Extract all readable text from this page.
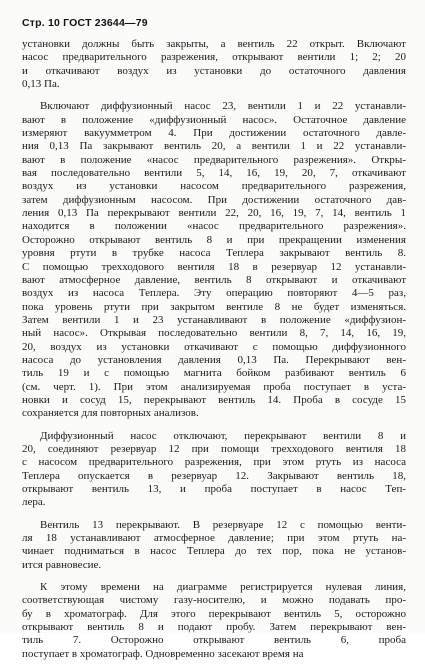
Стр. 10 ГОСТ 23644—79
установки должны быть закрыты, а вентиль 22 открыт. Включают
насос предварительного разрежения, открывают вентили 1; 2; 20
и откачивают воздух из установки до остаточного давления
0,13 Па.
Включают диффузионный насос 23, вентили 1 и 22 устанавли-
вают в положение «диффузионный насос». Остаточное давление
измеряют вакуумметром 4. При достижении остаточного давле-
ния 0,13 Па закрывают вентиль 20, а вентили 1 и 22 устанавли-
вают в положение «насос предварительного разрежения». Откры-
вая последовательно вентили 5, 14, 16, 19, 20, 7, откачивают
воздух из установки насосом предварительного разрежения,
затем диффузионным насосом. При достижении остаточного дав-
ления 0,13 Па перекрывают вентили 22, 20, 16, 19, 7, 14, вентиль 1
находится в положении «насос предварительного разрежения».
Осторожно открывают вентиль 8 и при прекращении изменения
уровня ртути в трубке насоса Теплера закрывают вентиль 8.
С помощью трехходового вентиля 18 в резервуар 12 устанавли-
вают атмосферное давление, вентиль 8 открывают и откачивают
воздух из насоса Теплера. Эту операцию повторяют 4—5 раз,
пока уровень ртути при закрытом вентиле 8 не будет изменяться.
Затем вентили 1 и 23 устанавливают в положение «диффузион-
ный насос». Открывая последовательно вентили 8, 7, 14, 16, 19,
20, воздух из установки откачивают с помощью диффузионного
насоса до установления давления 0,13 Па. Перекрывают вен-
тиль 19 и с помощью магнита бойком разбивают вентиль 6
(см. черт. 1). При этом анализируемая проба поступает в уста-
новки и сосуд 15, перекрывают вентиль 14. Проба в сосуде 15
сохраняется для повторных анализов.
Диффузионный насос отключают, перекрывают вентили 8 и
20, соединяют резервуар 12 при помощи трехходового вентиля 18
с насосом предварительного разрежения, при этом ртуть из насоса
Теплера опускается в резервуар 12. Закрывают вентиль 18,
открывают вентиль 13, и проба поступает в насос Теп-
лера.
Вентиль 13 перекрывают. В резервуаре 12 с помощью венти-
ля 18 устанавливают атмосферное давление; при этом ртуть на-
чинает подниматься в насос Теплера до тех пор, пока не установ-
ится равновесие.
К этому времени на диаграмме регистрируется нулевая линия,
соответствующая чистому газу-носителю, и можно подавать про-
бу в хроматограф. Для этого перекрывают вентиль 5, осторожно
открывают вентиль 8 и подают пробу. Затем перекрывают вен-
тиль 7. Осторожно открывают вентиль 6, проба
поступает в хроматограф. Одновременно засекают время на
